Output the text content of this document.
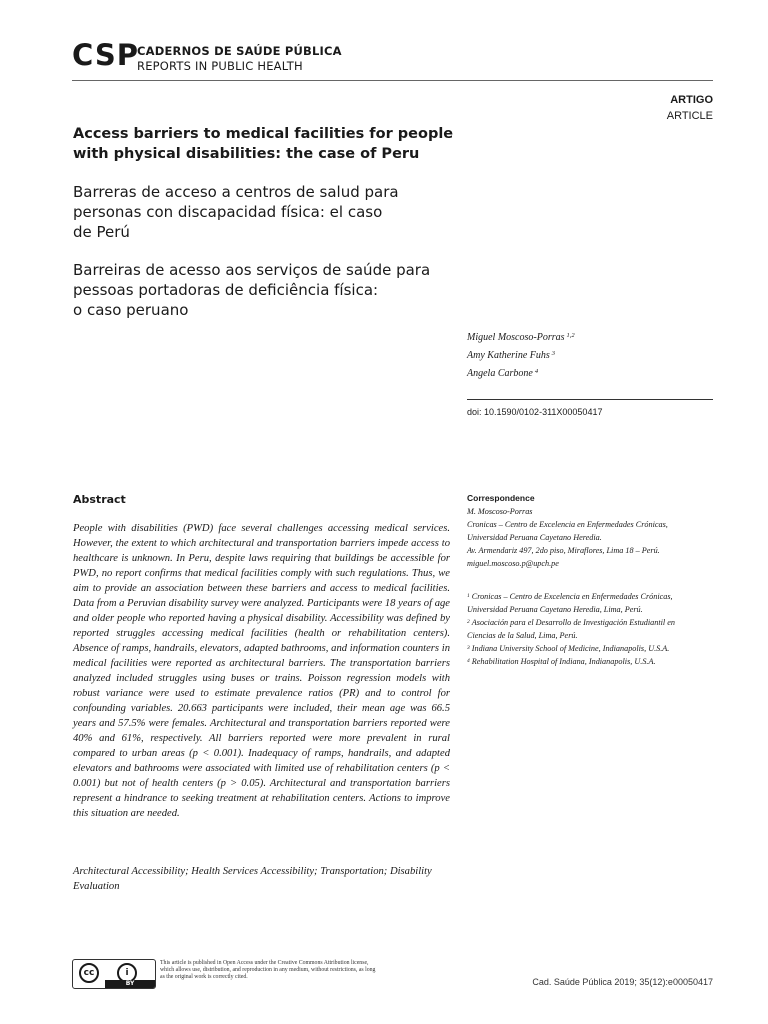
CSP
CADERNOS DE SAÚDE PÚBLICA
REPORTS IN PUBLIC HEALTH
ARTIGO
ARTICLE
Access barriers to medical facilities for people with physical disabilities: the case of Peru
Barreras de acceso a centros de salud para
personas con discapacidad física: el caso
de Perú
Barreiras de acesso aos serviços de saúde para
pessoas portadoras de deficiência física:
o caso peruano
Miguel Moscoso-Porras $^{1,2}$
Amy Katherine Fuhs $^3$
Angela Carbone $^4$
doi: 10.1590/0102-311X00050417
Abstract
People with disabilities (PWD) face several challenges accessing medical services. However, the extent to which architectural and transportation barriers impede access to healthcare is unknown. In Peru, despite laws requiring that buildings be accessible for PWD, no report confirms that medical facilities comply with such regulations. Thus, we aim to provide an association between these barriers and access to medical facilities. Data from a Peruvian disability survey were analyzed. Participants were 18 years of age and older people who reported having a physical disability. Accessibility was defined by reported struggles accessing medical facilities (health or rehabilitation centers). Absence of ramps, handrails, elevators, adapted bathrooms, and information counters in medical facilities were reported as architectural barriers. The transportation barriers analyzed included struggles using buses or trains. Poisson regression models with robust variance were used to estimate prevalence ratios (PR) and to control for confounding variables. 20.663 participants were included, their mean age was 66.5 years and 57.5% were females. Architectural and transportation barriers reported were 40% and 61%, respectively. All barriers reported were more prevalent in rural compared to urban areas (p < 0.001). Inadequacy of ramps, handrails, and adapted elevators and bathrooms were associated with limited use of rehabilitation centers (p < 0.001) but not of health centers (p > 0.05). Architectural and transportation barriers represent a hindrance to seeking treatment at rehabilitation centers. Actions to improve this situation are needed.
Architectural Accessibility; Health Services Accessibility; Transportation; Disability Evaluation
Correspondence
M. Moscoso-Porras
Cronicas – Centro de Excelencia en Enfermedades Crónicas,
Universidad Peruana Cayetano Heredia.
Av. Armendariz 497, 2do piso, Miraflores, Lima 18 – Perú.
miguel.moscoso.p@upch.pe
$^1$ Cronicas – Centro de Excelencia en Enfermedades Crónicas,
Universidad Peruana Cayetano Heredia, Lima, Perú.
$^2$ Asociación para el Desarrollo de Investigación Estudiantil en
Ciencias de la Salud, Lima, Perú.
$^3$ Indiana University School of Medicine, Indianapolis, U.S.A.
$^4$ Rehabilitation Hospital of Indiana, Indianapolis, U.S.A.
cc	i
BY
This article is published in Open Access under the Creative Commons Attribution license, which allows use, distribution, and reproduction in any medium, without restrictions, as long as the original work is correctly cited.	Cad. Saúde Pública 2019; 35(12):e00050417
